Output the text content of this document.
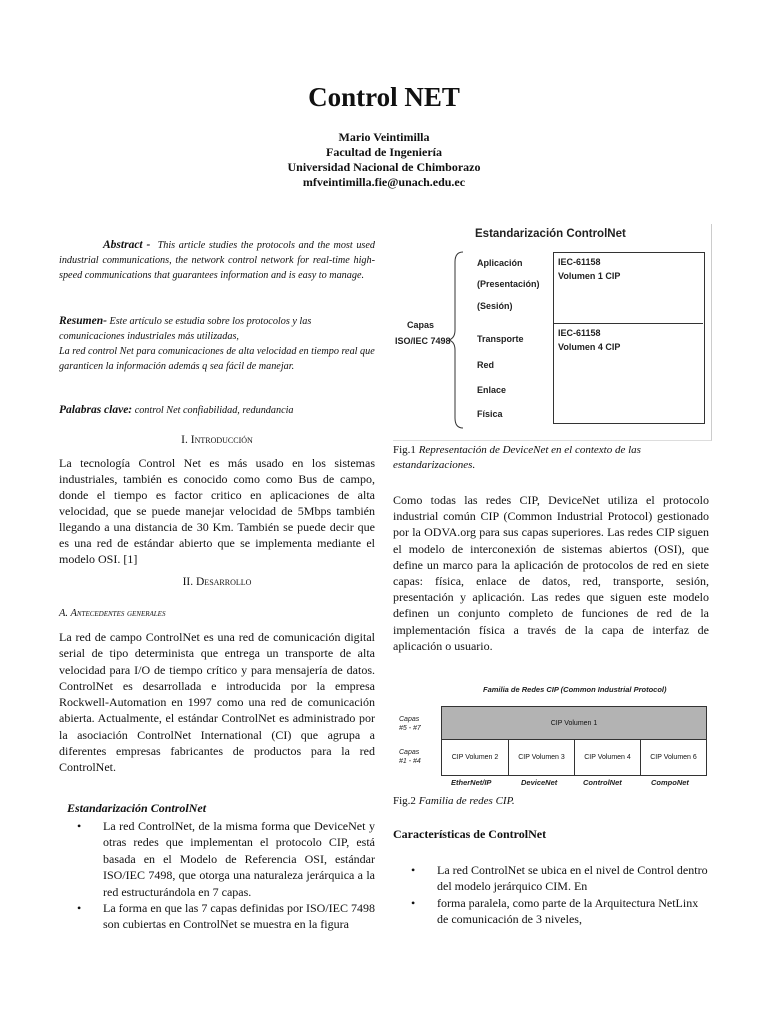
Control NET
Mario Veintimilla
Facultad de Ingeniería
Universidad Nacional de Chimborazo
mfveintimilla.fie@unach.edu.ec
Abstract - This article studies the protocols and the most used industrial communications, the network control network for real-time high-speed communications that guarantees information and is easy to manage.
Resumen- Este artículo se estudia sobre los protocolos y las comunicaciones industriales más utilizadas,
La red control Net para comunicaciones de alta velocidad en tiempo real que garanticen la información además q sea fácil de manejar.
Palabras clave: control Net confiabilidad, redundancia
I. Introducción
La tecnología Control Net es más usado en los sistemas industriales, también es conocido como como Bus de campo, donde el tiempo es factor critico en aplicaciones de alta velocidad, que se puede manejar velocidad de 5Mbps también llegando a una distancia de 30 Km. También se puede decir que es una red de estándar abierto que se implementa mediante el modelo OSI. [1]
II. Desarrollo
A. Antecedentes generales
La red de campo ControlNet es una red de comunicación digital serial de tipo determinista que entrega un transporte de alta velocidad para I/O de tiempo crítico y para mensajería de datos. ControlNet es desarrollada e introducida por la empresa Rockwell-Automation en 1997 como una red de comunicación abierta. Actualmente, el estándar ControlNet es administrado por la asociación ControlNet International (CI) que agrupa a diferentes empresas fabricantes de productos para la red ControlNet.
Estandarización ControlNet
• La red ControlNet, de la misma forma que DeviceNet y otras redes que implementan el protocolo CIP, está basada en el Modelo de Referencia OSI, estándar ISO/IEC 7498, que otorga una naturaleza jerárquica a la red estructurándola en 7 capas.
• La forma en que las 7 capas definidas por ISO/IEC 7498 son cubiertas en ControlNet se muestra en la figura
Estandarización ControlNet
Capas
ISO/IEC 7498
Aplicación
(Presentación)
(Sesión)
Transporte
Red
Enlace
Física
IEC-61158
Volumen 1 CIP
IEC-61158
Volumen 4 CIP
Fig.1 Representación de DeviceNet en el contexto de las estandarizaciones.
Como todas las redes CIP, DeviceNet utiliza el protocolo industrial común CIP (Common Industrial Protocol) gestionado por la ODVA.org para sus capas superiores. Las redes CIP siguen el modelo de interconexión de sistemas abiertos (OSI), que define un marco para la aplicación de protocolos de red en siete capas: física, enlace de datos, red, transporte, sesión, presentación y aplicación. Las redes que siguen este modelo definen un conjunto completo de funciones de red de la implementación física a través de la capa de interfaz de aplicación o usuario.
Familia de Redes CIP (Common Industrial Protocol)
Capas
#5 - #7
Capas
#1 - #4
CIP Volumen 1
CIP Volumen 2	CIP Volumen 3	CIP Volumen 4	CIP Volumen 6
EtherNet/IP	DeviceNet	ControlNet	CompoNet
Fig.2 Familia de redes CIP.
Características de ControlNet
• La red ControlNet se ubica en el nivel de Control dentro del modelo jerárquico CIM. En
• forma paralela, como parte de la Arquitectura NetLinx de comunicación de 3 niveles,
